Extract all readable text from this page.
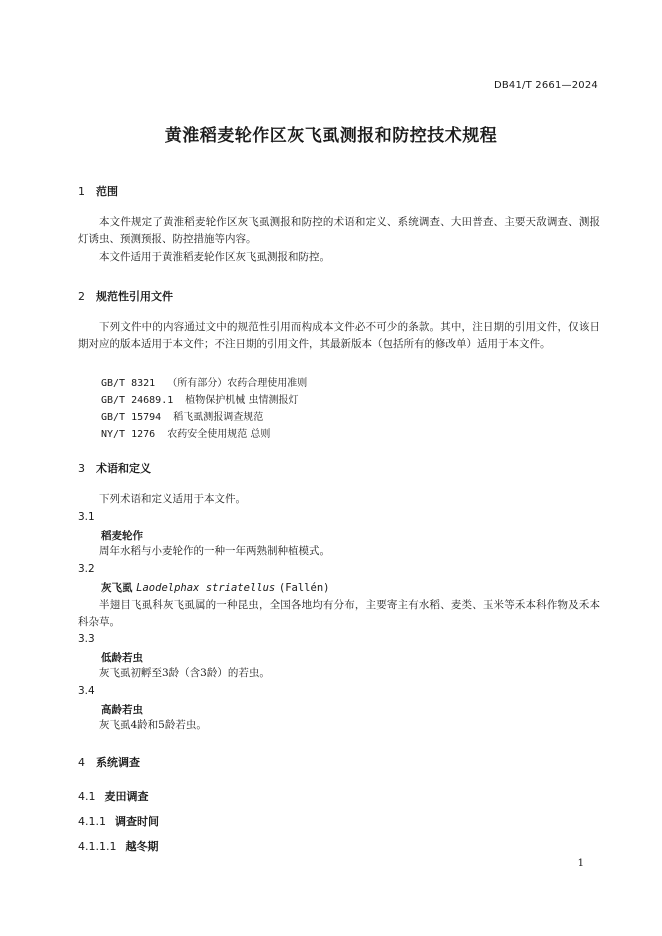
DB41/T 2661—2024
黄淮稻麦轮作区灰飞虱测报和防控技术规程
1 范围
本文件规定了黄淮稻麦轮作区灰飞虱测报和防控的术语和定义、系统调查、大田普查、主要天敌调查、测报灯诱虫、预测预报、防控措施等内容。
本文件适用于黄淮稻麦轮作区灰飞虱测报和防控。
2 规范性引用文件
下列文件中的内容通过文中的规范性引用而构成本文件必不可少的条款。其中，注日期的引用文件，仅该日期对应的版本适用于本文件；不注日期的引用文件，其最新版本（包括所有的修改单）适用于本文件。
GB/T 8321 （所有部分）农药合理使用准则
GB/T 24689.1 植物保护机械 虫情测报灯
GB/T 15794 稻飞虱测报调查规范
NY/T 1276 农药安全使用规范 总则
3 术语和定义
下列术语和定义适用于本文件。
3.1
稻麦轮作
周年水稻与小麦轮作的一种一年两熟制种植模式。
3.2
灰飞虱 Laodelphax striatellus (Fallén)
半翅目飞虱科灰飞虱属的一种昆虫，全国各地均有分布，主要寄主有水稻、麦类、玉米等禾本科作物及禾本科杂草。
3.3
低龄若虫
灰飞虱初孵至3龄（含3龄）的若虫。
3.4
高龄若虫
灰飞虱4龄和5龄若虫。
4 系统调查
4.1 麦田调查
4.1.1 调查时间
4.1.1.1 越冬期
1
